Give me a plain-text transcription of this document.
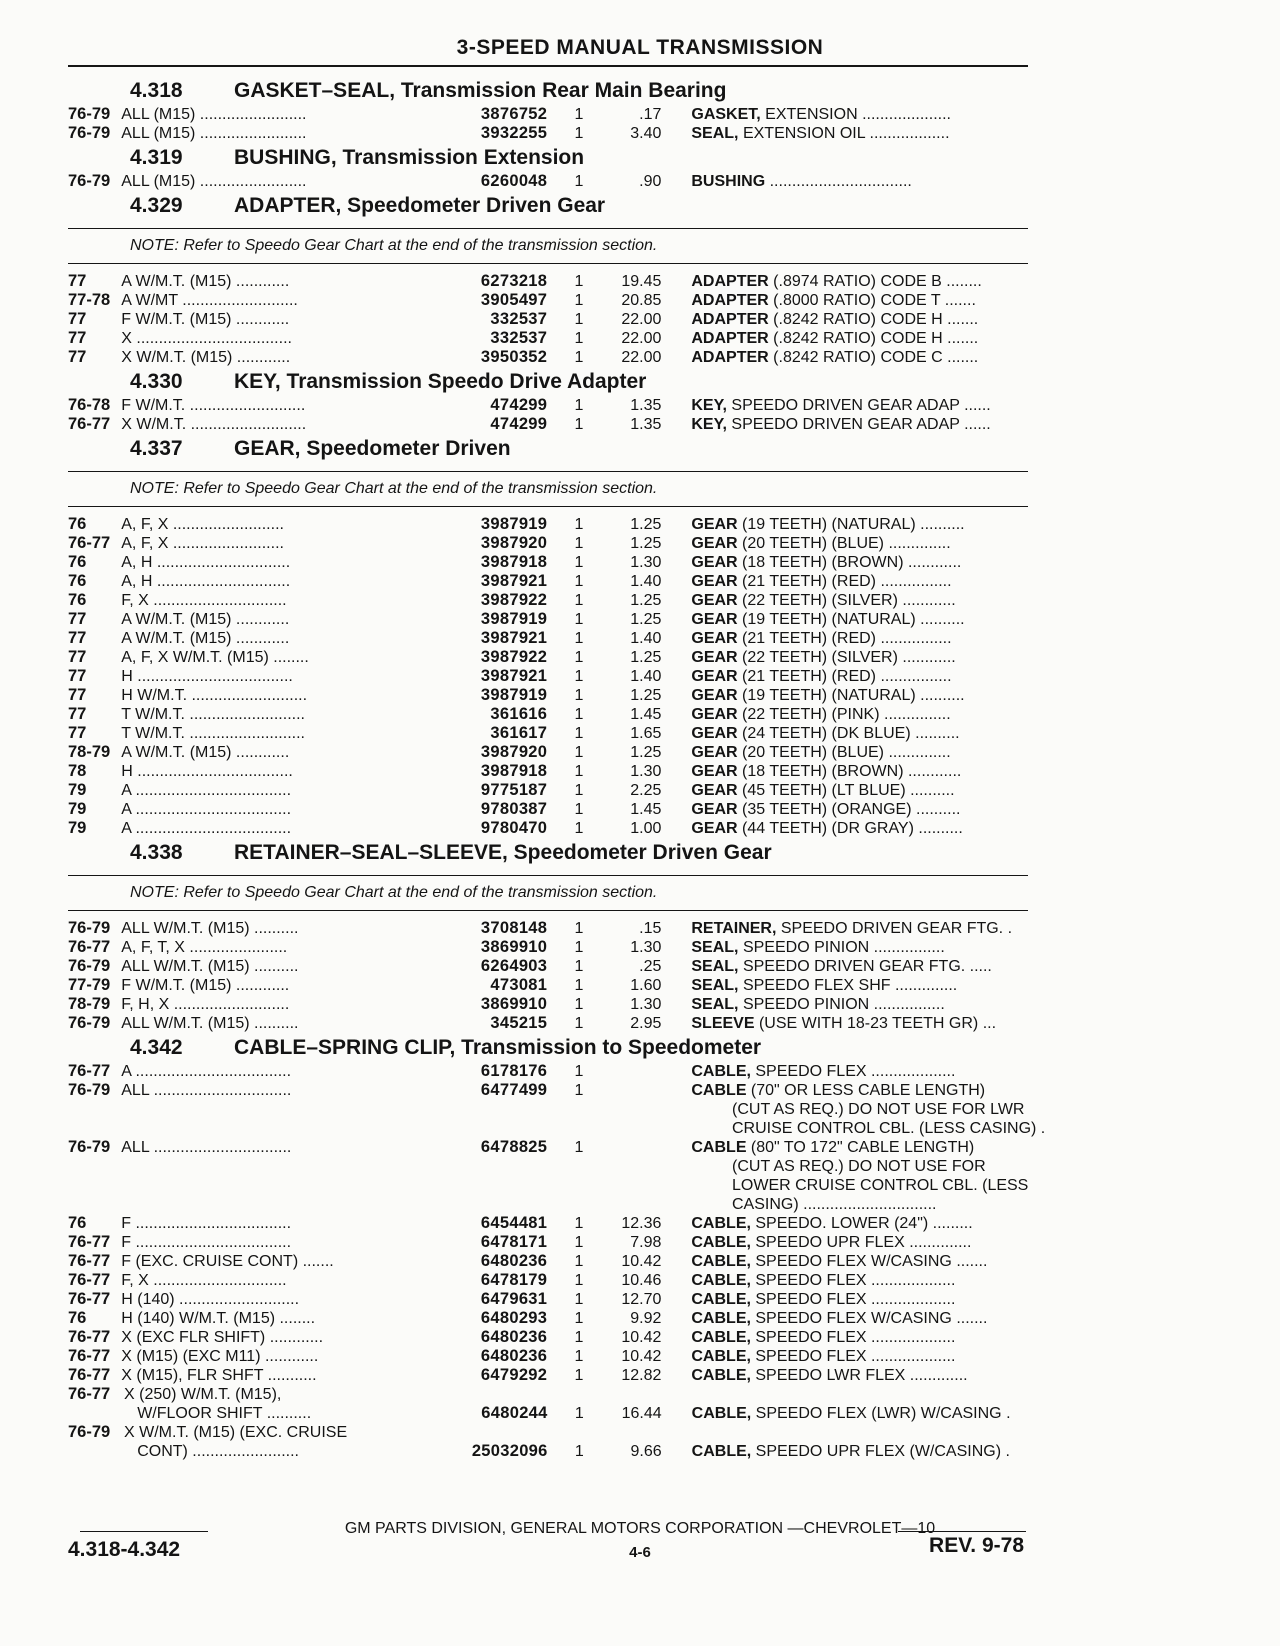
3-SPEED MANUAL TRANSMISSION
4.318	GASKET–SEAL, Transmission Rear Main Bearing
76-79 ALL (M15) ........................	3876752	1	.17 GASKET, EXTENSION ....................
76-79 ALL (M15) ........................	3932255	1	3.40 SEAL, EXTENSION OIL ..................
4.319	BUSHING, Transmission Extension
76-79 ALL (M15) ........................	6260048	1	.90 BUSHING ................................
4.329	ADAPTER, Speedometer Driven Gear
NOTE: Refer to Speedo Gear Chart at the end of the transmission section.
77	A W/M.T. (M15) ............	6273218	1	19.45 ADAPTER (.8974 RATIO) CODE B ........
77-78 A W/MT ..........................	3905497	1	20.85 ADAPTER (.8000 RATIO) CODE T .......
77	F W/M.T. (M15) ............	332537	1	22.00 ADAPTER (.8242 RATIO) CODE H .......
77	X ...................................	332537	1	22.00 ADAPTER (.8242 RATIO) CODE H .......
77	X W/M.T. (M15) ............	3950352	1	22.00 ADAPTER (.8242 RATIO) CODE C .......
4.330	KEY, Transmission Speedo Drive Adapter
76-78 F W/M.T. ..........................	474299	1	1.35 KEY, SPEEDO DRIVEN GEAR ADAP ......
76-77 X W/M.T. ..........................	474299	1	1.35 KEY, SPEEDO DRIVEN GEAR ADAP ......
4.337	GEAR, Speedometer Driven
NOTE: Refer to Speedo Gear Chart at the end of the transmission section.
76	A, F, X .........................	3987919	1	1.25 GEAR (19 TEETH) (NATURAL) ..........
76-77 A, F, X .........................	3987920	1	1.25 GEAR (20 TEETH) (BLUE) ..............
76	A, H ..............................	3987918	1	1.30 GEAR (18 TEETH) (BROWN) ............
76	A, H ..............................	3987921	1	1.40 GEAR (21 TEETH) (RED) ................
76	F, X ..............................	3987922	1	1.25 GEAR (22 TEETH) (SILVER) ............
77	A W/M.T. (M15) ............	3987919	1	1.25 GEAR (19 TEETH) (NATURAL) ..........
77	A W/M.T. (M15) ............	3987921	1	1.40 GEAR (21 TEETH) (RED) ................
77	A, F, X W/M.T. (M15) ........	3987922	1	1.25 GEAR (22 TEETH) (SILVER) ............
77	H ...................................	3987921	1	1.40 GEAR (21 TEETH) (RED) ................
77	H W/M.T. ..........................	3987919	1	1.25 GEAR (19 TEETH) (NATURAL) ..........
77	T W/M.T. ..........................	361616	1	1.45 GEAR (22 TEETH) (PINK) ...............
77	T W/M.T. ..........................	361617	1	1.65 GEAR (24 TEETH) (DK BLUE) ..........
78-79 A W/M.T. (M15) ............	3987920	1	1.25 GEAR (20 TEETH) (BLUE) ..............
78	H ...................................	3987918	1	1.30 GEAR (18 TEETH) (BROWN) ............
79	A ...................................	9775187	1	2.25 GEAR (45 TEETH) (LT BLUE) ..........
79	A ...................................	9780387	1	1.45 GEAR (35 TEETH) (ORANGE) ..........
79	A ...................................	9780470	1	1.00 GEAR (44 TEETH) (DR GRAY) ..........
4.338	RETAINER–SEAL–SLEEVE, Speedometer Driven Gear
NOTE: Refer to Speedo Gear Chart at the end of the transmission section.
76-79 ALL W/M.T. (M15) ..........	3708148	1	.15 RETAINER, SPEEDO DRIVEN GEAR FTG. .
76-77 A, F, T, X ......................	3869910	1	1.30 SEAL, SPEEDO PINION ................
76-79 ALL W/M.T. (M15) ..........	6264903	1	.25 SEAL, SPEEDO DRIVEN GEAR FTG. .....
77-79 F W/M.T. (M15) ............	473081	1	1.60 SEAL, SPEEDO FLEX SHF ..............
78-79 F, H, X ..........................	3869910	1	1.30 SEAL, SPEEDO PINION ................
76-79 ALL W/M.T. (M15) ..........	345215	1	2.95 SLEEVE (USE WITH 18-23 TEETH GR) ...
4.342	CABLE–SPRING CLIP, Transmission to Speedometer
76-77 A ...................................	6178176	1	CABLE, SPEEDO FLEX ...................
76-79 ALL ...............................	6477499	1	CABLE (70" OR LESS CABLE LENGTH)
(CUT AS REQ.) DO NOT USE FOR LWR
CRUISE CONTROL CBL. (LESS CASING) .
76-79 ALL ...............................	6478825	1	CABLE (80" TO 172" CABLE LENGTH)
(CUT AS REQ.) DO NOT USE FOR
LOWER CRUISE CONTROL CBL. (LESS
CASING) ..............................
76	F ...................................	6454481	1	12.36 CABLE, SPEEDO. LOWER (24") .........
76-77 F ...................................	6478171	1	7.98 CABLE, SPEEDO UPR FLEX ..............
76-77 F (EXC. CRUISE CONT) .......	6480236	1	10.42 CABLE, SPEEDO FLEX W/CASING .......
76-77 F, X ..............................	6478179	1	10.46 CABLE, SPEEDO FLEX ...................
76-77 H (140) ...........................	6479631	1	12.70 CABLE, SPEEDO FLEX ...................
76	H (140) W/M.T. (M15) ........	6480293	1	9.92 CABLE, SPEEDO FLEX W/CASING .......
76-77 X (EXC FLR SHIFT) ............	6480236	1	10.42 CABLE, SPEEDO FLEX ...................
76-77 X (M15) (EXC M11) ............	6480236	1	10.42 CABLE, SPEEDO FLEX ...................
76-77 X (M15), FLR SHFT ...........	6479292	1	12.82 CABLE, SPEEDO LWR FLEX .............
76-77 X (250) W/M.T. (M15),
W/FLOOR SHIFT ..........	6480244	1	16.44 CABLE, SPEEDO FLEX (LWR) W/CASING .
76-79 X W/M.T. (M15) (EXC. CRUISE
CONT) ........................	25032096	1	9.66 CABLE, SPEEDO UPR FLEX (W/CASING) .
GM PARTS DIVISION, GENERAL MOTORS CORPORATION —CHEVROLET—10
4.318-4.342	4-6	REV. 9-78
